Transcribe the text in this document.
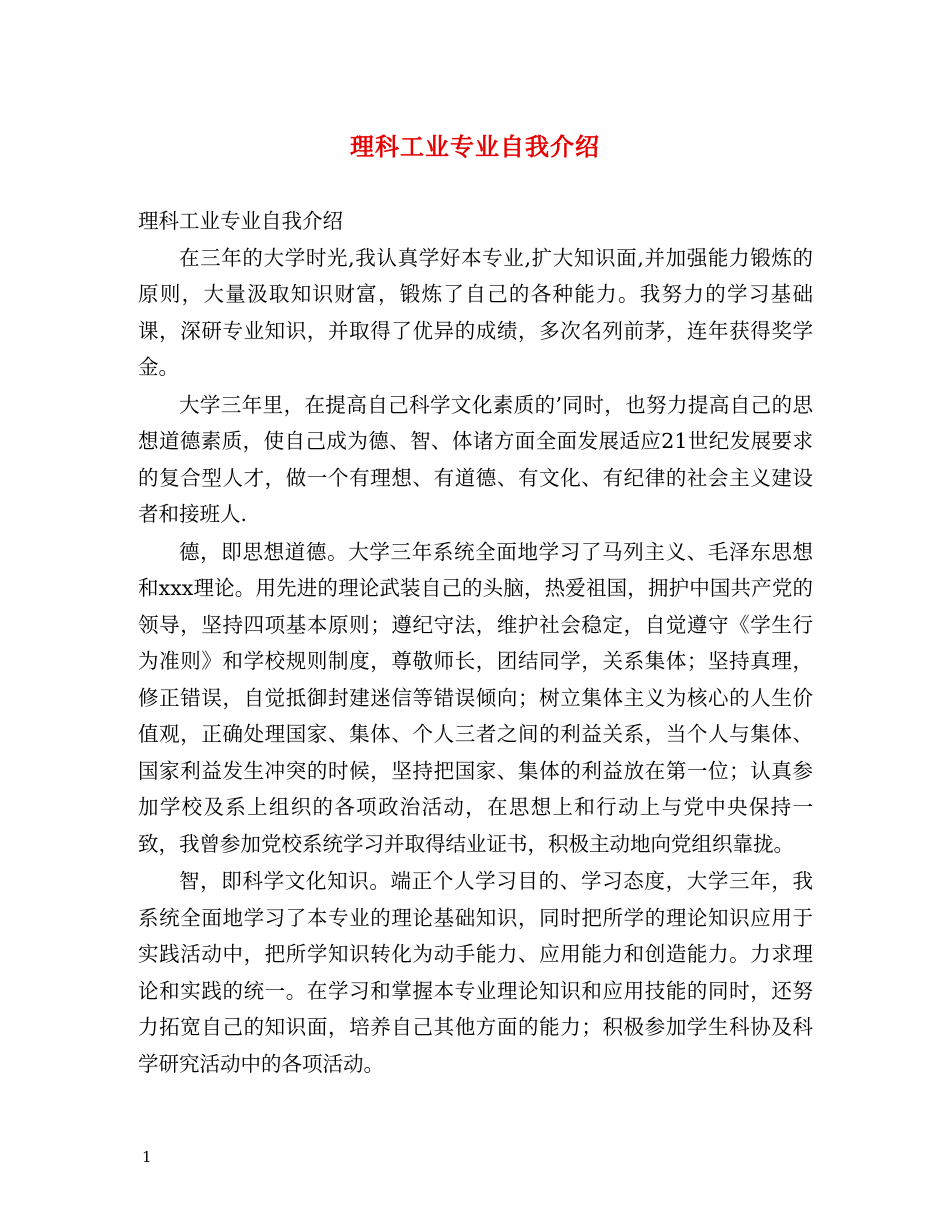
理科工业专业自我介绍
理科工业专业自我介绍

在三年的大学时光,我认真学好本专业,扩大知识面,并加强能力锻炼的原则，大量汲取知识财富，锻炼了自己的各种能力。我努力的学习基础课，深研专业知识，并取得了优异的成绩，多次名列前茅，连年获得奖学金。

大学三年里，在提高自己科学文化素质的’同时，也努力提高自己的思想道德素质，使自己成为德、智、体诸方面全面发展适应21世纪发展要求的复合型人才，做一个有理想、有道德、有文化、有纪律的社会主义建设者和接班人.

德，即思想道德。大学三年系统全面地学习了马列主义、毛泽东思想和xxx理论。用先进的理论武装自己的头脑，热爱祖国，拥护中国共产党的领导，坚持四项基本原则；遵纪守法，维护社会稳定，自觉遵守《学生行为准则》和学校规则制度，尊敬师长，团结同学，关系集体；坚持真理，修正错误，自觉抵御封建迷信等错误倾向；树立集体主义为核心的人生价值观，正确处理国家、集体、个人三者之间的利益关系，当个人与集体、国家利益发生冲突的时候，坚持把国家、集体的利益放在第一位；认真参加学校及系上组织的各项政治活动，在思想上和行动上与党中央保持一致，我曾参加党校系统学习并取得结业证书，积极主动地向党组织靠拢。

智，即科学文化知识。端正个人学习目的、学习态度，大学三年，我系统全面地学习了本专业的理论基础知识，同时把所学的理论知识应用于实践活动中，把所学知识转化为动手能力、应用能力和创造能力。力求理论和实践的统一。在学习和掌握本专业理论知识和应用技能的同时，还努力拓宽自己的知识面，培养自己其他方面的能力；积极参加学生科协及科学研究活动中的各项活动。

1
